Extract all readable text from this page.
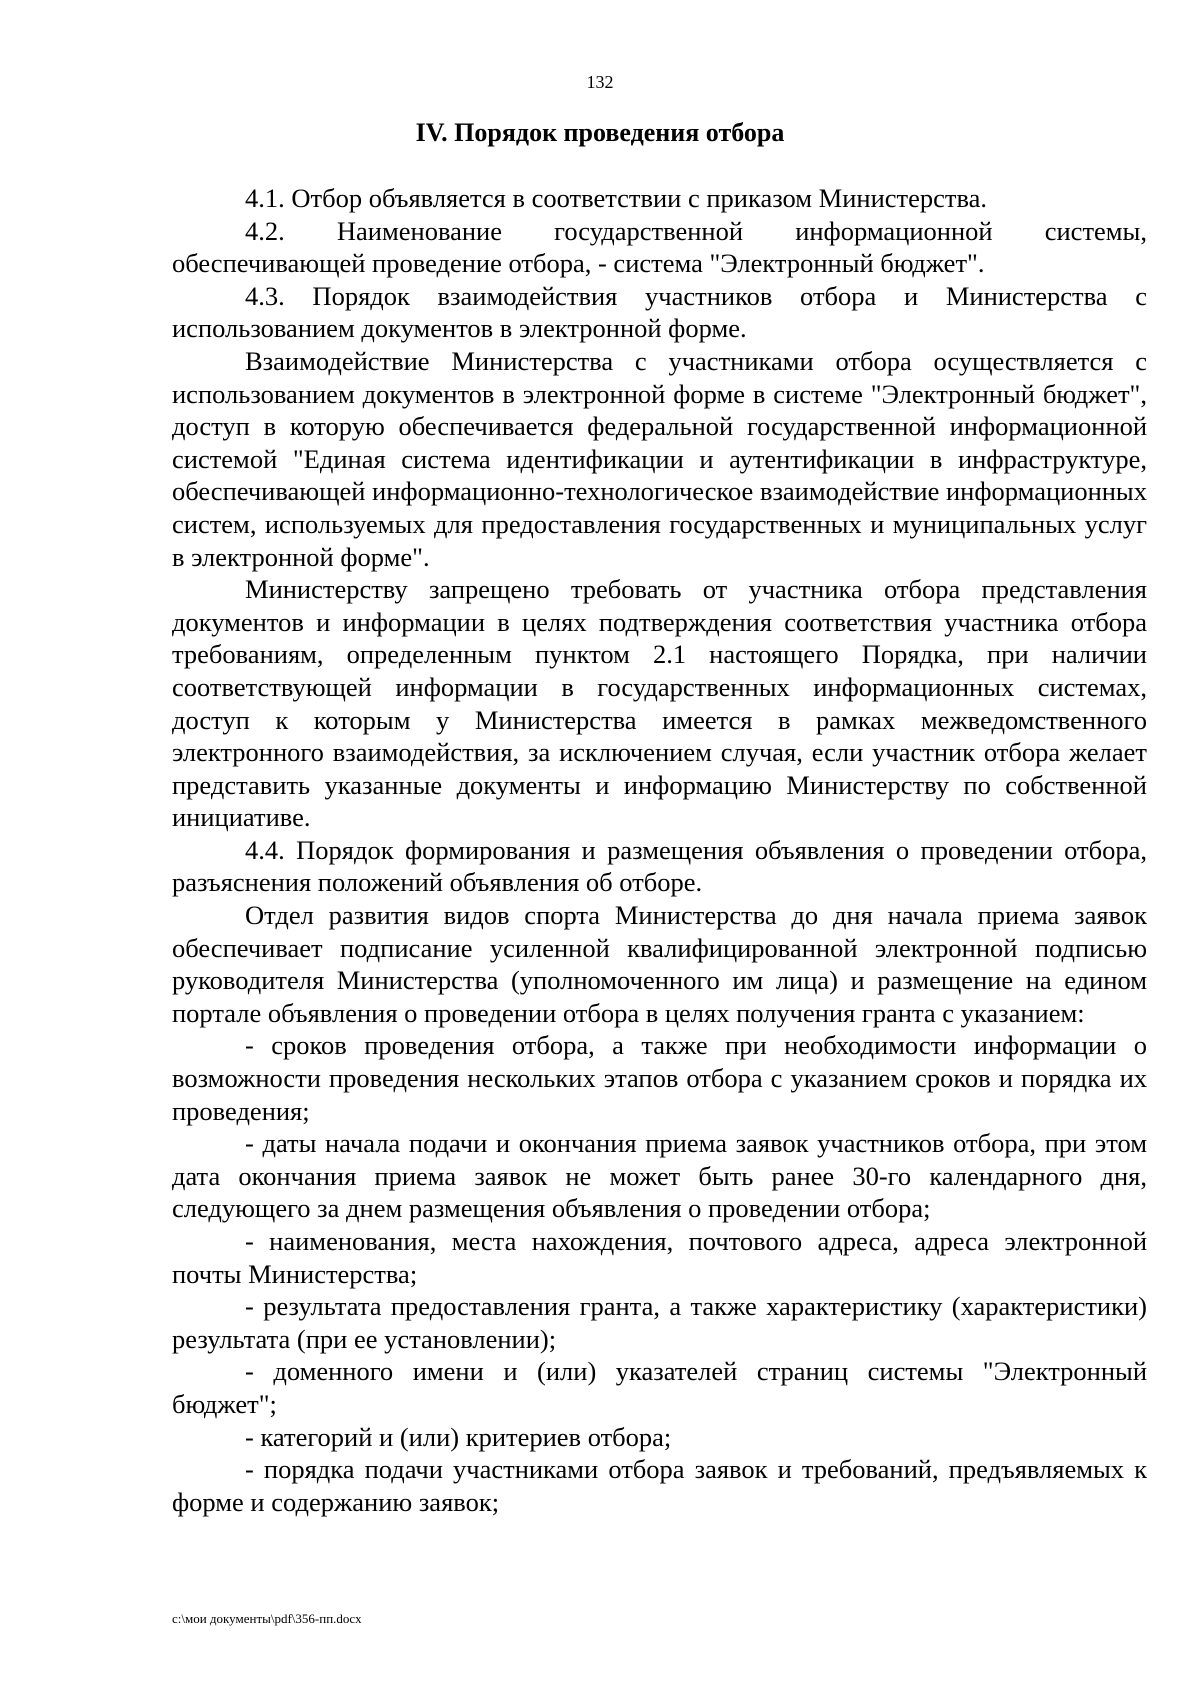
132
IV. Порядок проведения отбора

4.1. Отбор объявляется в соответствии с приказом Министерства.

4.2. Наименование государственной информационной системы, обеспечивающей проведение отбора, - система "Электронный бюджет".

4.3. Порядок взаимодействия участников отбора и Министерства с использованием документов в электронной форме.

Взаимодействие Министерства с участниками отбора осуществляется с использованием документов в электронной форме в системе "Электронный бюджет", доступ в которую обеспечивается федеральной государственной информационной системой "Единая система идентификации и аутентификации в инфраструктуре, обеспечивающей информационно-технологическое взаимодействие информационных систем, используемых для предоставления государственных и муниципальных услуг в электронной форме".

Министерству запрещено требовать от участника отбора представления документов и информации в целях подтверждения соответствия участника отбора требованиям, определенным пунктом 2.1 настоящего Порядка, при наличии соответствующей информации в государственных информационных системах, доступ к которым у Министерства имеется в рамках межведомственного электронного взаимодействия, за исключением случая, если участник отбора желает представить указанные документы и информацию Министерству по собственной инициативе.

4.4. Порядок формирования и размещения объявления о проведении отбора, разъяснения положений объявления об отборе.

Отдел развития видов спорта Министерства до дня начала приема заявок обеспечивает подписание усиленной квалифицированной электронной подписью руководителя Министерства (уполномоченного им лица) и размещение на едином портале объявления о проведении отбора в целях получения гранта с указанием:

- сроков проведения отбора, а также при необходимости информации о возможности проведения нескольких этапов отбора с указанием сроков и порядка их проведения;

- даты начала подачи и окончания приема заявок участников отбора, при этом дата окончания приема заявок не может быть ранее 30-го календарного дня, следующего за днем размещения объявления о проведении отбора;

- наименования, места нахождения, почтового адреса, адреса электронной почты Министерства;

- результата предоставления гранта, а также характеристику (характеристики) результата (при ее установлении);

- доменного имени и (или) указателей страниц системы "Электронный бюджет";

- категорий и (или) критериев отбора;

- порядка подачи участниками отбора заявок и требований, предъявляемых к форме и содержанию заявок;

c:\мои документы\pdf\356-пп.docx
